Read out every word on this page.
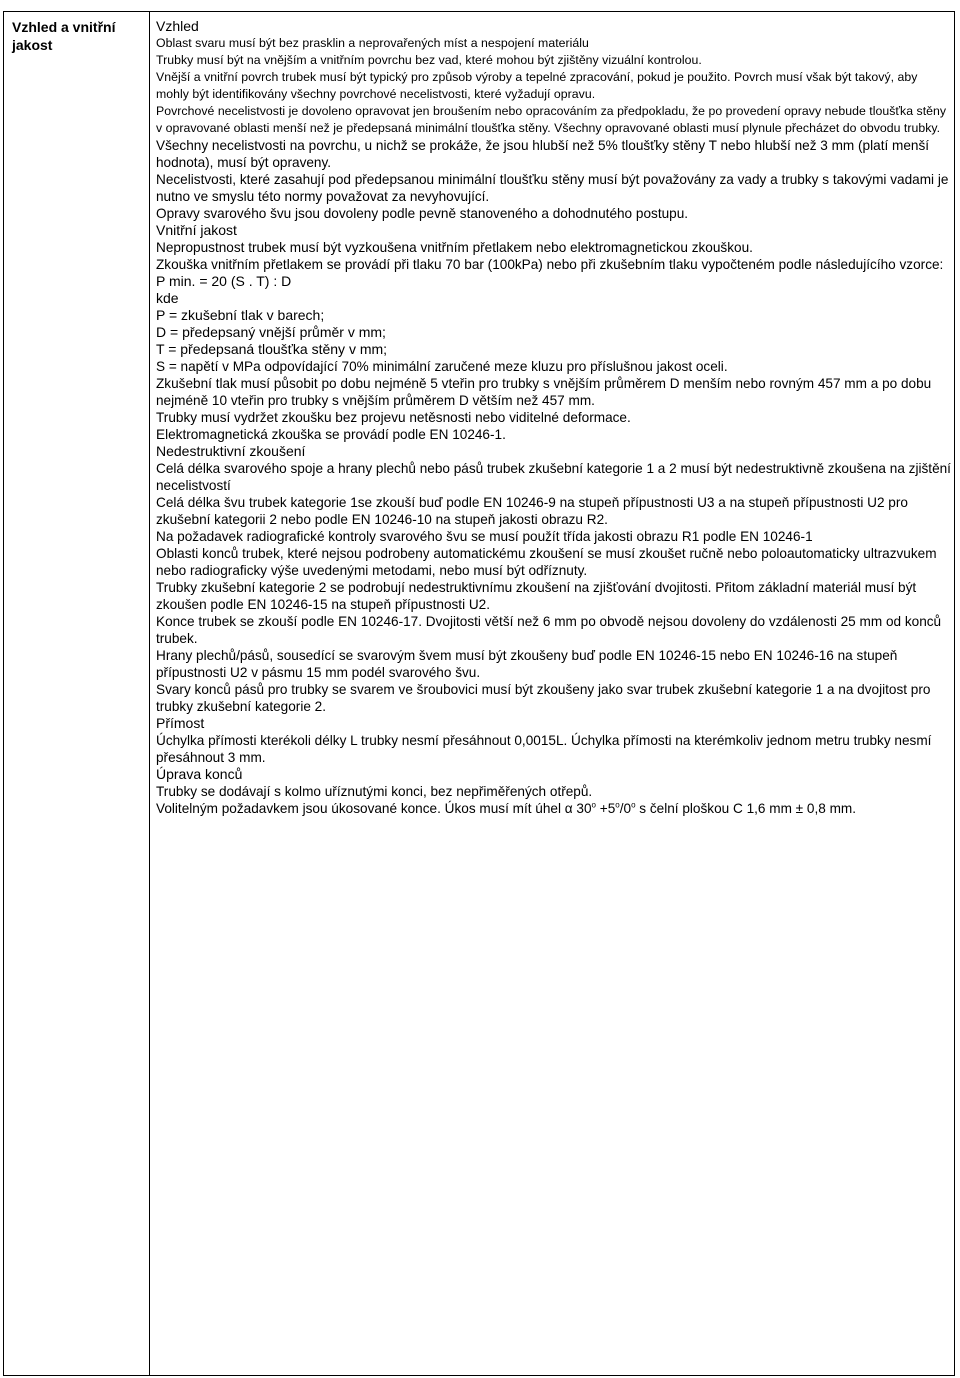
Vzhled a vnitřní jakost

Vzhled

Oblast svaru musí být bez prasklin a neprovařených míst a nespojení materiálu

Trubky musí být na vnějším a vnitřním povrchu bez vad, které mohou být zjištěny vizuální kontrolou.

Vnější a vnitřní povrch trubek musí být typický pro způsob výroby a tepelné zpracování, pokud je použito. Povrch musí však být takový, aby mohly být identifikovány všechny povrchové necelistvosti, které vyžadují opravu.

Povrchové necelistvosti je dovoleno opravovat jen broušením nebo opracováním za předpokladu, že po provedení opravy nebude tloušťka stěny v opravované oblasti menší než je předepsaná minimální tloušťka stěny. Všechny opravované oblasti musí plynule přecházet do obvodu trubky.

Všechny necelistvosti na povrchu, u nichž se prokáže, že jsou hlubší než 5% tloušťky stěny T nebo hlubší než 3 mm (platí menší hodnota), musí být opraveny.

Necelistvosti, které zasahují pod předepsanou minimální tloušťku stěny musí být považovány za vady a trubky s takovými vadami je nutno ve smyslu této normy považovat za nevyhovující.

Opravy svarového švu jsou dovoleny podle pevně stanoveného a dohodnutého postupu.

Vnitřní jakost

Nepropustnost trubek musí být vyzkoušena vnitřním přetlakem nebo elektromagnetickou zkouškou.

Zkouška vnitřním přetlakem se provádí při tlaku 70 bar (100kPa) nebo při zkušebním tlaku vypočteném podle následujícího vzorce:

P min. = 20 (S . T) : D

kde

P = zkušební tlak v barech;

D = předepsaný vnější průměr v mm;

T = předepsaná tloušťka stěny v mm;

S = napětí v MPa odpovídající 70% minimální zaručené meze kluzu pro příslušnou jakost oceli.

Zkušební tlak musí působit po dobu nejméně 5 vteřin pro trubky s vnějším průměrem D menším nebo rovným 457 mm a po dobu nejméně 10 vteřin pro trubky s vnějším průměrem D větším než 457 mm.

Trubky musí vydržet zkoušku bez projevu netěsnosti nebo viditelné deformace.

Elektromagnetická zkouška se provádí podle EN 10246-1.

Nedestruktivní zkoušení

Celá délka svarového spoje a hrany plechů nebo pásů trubek zkušební kategorie 1 a 2 musí být nedestruktivně zkoušena na zjištění necelistvostí

Celá délka švu trubek kategorie 1se zkouší buď podle EN 10246-9 na stupeň přípustnosti U3 a na stupeň přípustnosti U2 pro zkušební kategorii 2 nebo podle EN 10246-10 na stupeň jakosti obrazu R2.

Na požadavek radiografické kontroly svarového švu se musí použít třída jakosti obrazu R1 podle EN 10246-1

Oblasti konců trubek, které nejsou podrobeny automatickému zkoušení se musí zkoušet ručně nebo poloautomaticky ultrazvukem nebo radiograficky výše uvedenými metodami, nebo musí být odříznuty.

Trubky zkušební kategorie 2 se podrobují nedestruktivnímu zkoušení na zjišťování dvojitosti. Přitom základní materiál musí být zkoušen podle EN 10246-15 na stupeň přípustnosti U2.

Konce trubek se zkouší podle EN 10246-17. Dvojitosti větší než 6 mm po obvodě nejsou dovoleny do vzdálenosti 25 mm od konců trubek.

Hrany plechů/pásů, sousedící se svarovým švem musí být zkoušeny buď podle EN 10246-15 nebo EN 10246-16 na stupeň přípustnosti U2 v pásmu 15 mm podél svarového švu.

Svary konců pásů pro trubky se svarem ve šroubovici musí být zkoušeny jako svar trubek zkušební kategorie 1 a na dvojitost pro trubky zkušební kategorie 2.

Přímost

Úchylka přímosti kterékoli délky L trubky nesmí přesáhnout 0,0015L. Úchylka přímosti na kterémkoliv jednom metru trubky nesmí přesáhnout 3 mm.

Úprava konců

Trubky se dodávají s kolmo uříznutými konci, bez nepřiměřených otřepů.

Volitelným požadavkem jsou úkosované konce. Úkos musí mít úhel α $30^o +5^o/0^o$ s čelní ploškou C 1,6 mm ± 0,8 mm.
